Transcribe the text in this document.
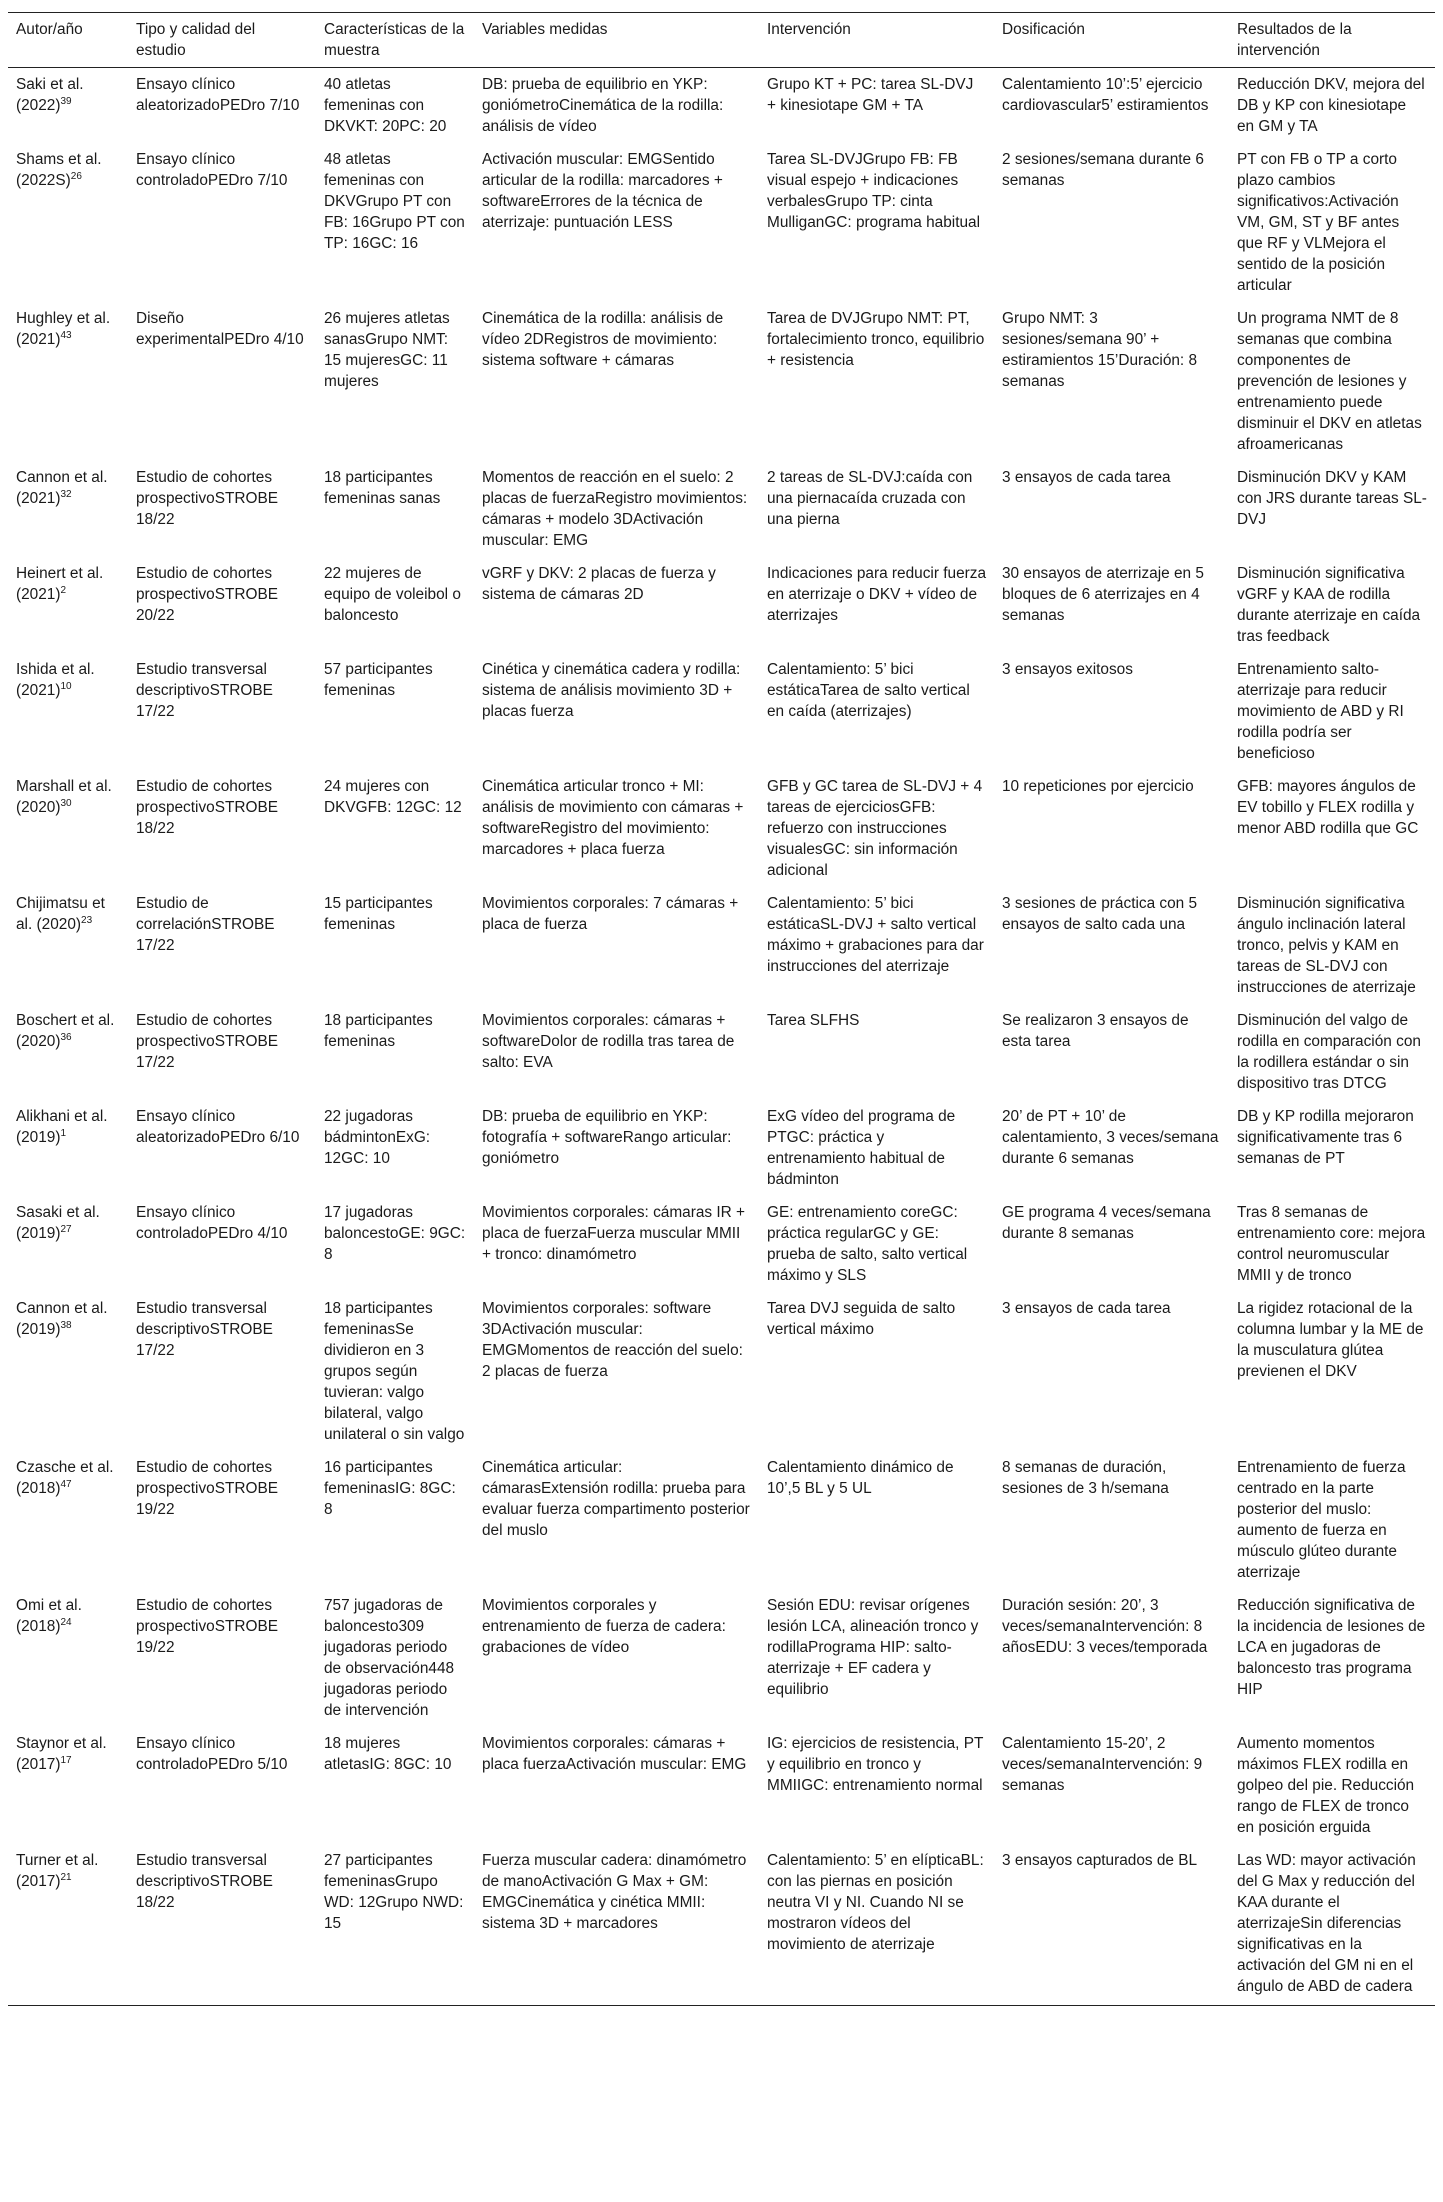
Autor/año	Tipo y calidad del estudio	Características de la muestra	Variables medidas	Intervención	Dosificación	Resultados de la intervención
Saki et al. $(2022)^{39}$	Ensayo clínico aleatorizadoPEDro 7/10	40 atletas femeninas con DKVKT: 20PC: 20	DB: prueba de equilibrio en YKP: goniómetroCinemática de la rodilla: análisis de vídeo	Grupo KT + PC: tarea SL-DVJ + kinesiotape GM + TA	Calentamiento 10’:5’ ejercicio cardiovascular5’ estiramientos	Reducción DKV, mejora del DB y KP con kinesiotape en GM y TA
Shams et al. $(2022S)^{26}$	Ensayo clínico controladoPEDro 7/10	48 atletas femeninas con DKVGrupo PT con FB: 16Grupo PT con TP: 16GC: 16	Activación muscular: EMGSentido articular de la rodilla: marcadores + softwareErrores de la técnica de aterrizaje: puntuación LESS	Tarea SL-DVJGrupo FB: FB visual espejo + indicaciones verbalesGrupo TP: cinta MulliganGC: programa habitual	2 sesiones/semana durante 6 semanas	PT con FB o TP a corto plazo cambios significativos:Activación VM, GM, ST y BF antes que RF y VLMejora el sentido de la posición articular
Hughley et al. $(2021)^{43}$	Diseño experimentalPEDro 4/10	26 mujeres atletas sanasGrupo NMT: 15 mujeresGC: 11 mujeres	Cinemática de la rodilla: análisis de vídeo 2DRegistros de movimiento: sistema software + cámaras	Tarea de DVJGrupo NMT: PT, fortalecimiento tronco, equilibrio + resistencia	Grupo NMT: 3 sesiones/semana 90’ + estiramientos 15’Duración: 8 semanas	Un programa NMT de 8 semanas que combina componentes de prevención de lesiones y entrenamiento puede disminuir el DKV en atletas afroamericanas
Cannon et al. $(2021)^{32}$	Estudio de cohortes prospectivoSTROBE 18/22	18 participantes femeninas sanas	Momentos de reacción en el suelo: 2 placas de fuerzaRegistro movimientos: cámaras + modelo 3DActivación muscular: EMG	2 tareas de SL-DVJ:caída con una piernacaída cruzada con una pierna	3 ensayos de cada tarea	Disminución DKV y KAM con JRS durante tareas SL-DVJ
Heinert et al. $(2021)^2$	Estudio de cohortes prospectivoSTROBE 20/22	22 mujeres de equipo de voleibol o baloncesto	vGRF y DKV: 2 placas de fuerza y sistema de cámaras 2D	Indicaciones para reducir fuerza en aterrizaje o DKV + vídeo de aterrizajes	30 ensayos de aterrizaje en 5 bloques de 6 aterrizajes en 4 semanas	Disminución significativa vGRF y KAA de rodilla durante aterrizaje en caída tras feedback
Ishida et al. $(2021)^{10}$	Estudio transversal descriptivoSTROBE 17/22	57 participantes femeninas	Cinética y cinemática cadera y rodilla: sistema de análisis movimiento 3D + placas fuerza	Calentamiento: 5’ bici estáticaTarea de salto vertical en caída (aterrizajes)	3 ensayos exitosos	Entrenamiento salto-aterrizaje para reducir movimiento de ABD y RI rodilla podría ser beneficioso
Marshall et al. $(2020)^{30}$	Estudio de cohortes prospectivoSTROBE 18/22	24 mujeres con DKVGFB: 12GC: 12	Cinemática articular tronco + MI: análisis de movimiento con cámaras + softwareRegistro del movimiento: marcadores + placa fuerza	GFB y GC tarea de SL-DVJ + 4 tareas de ejerciciosGFB: refuerzo con instrucciones visualesGC: sin información adicional	10 repeticiones por ejercicio	GFB: mayores ángulos de EV tobillo y FLEX rodilla y menor ABD rodilla que GC
Chijimatsu et al. $(2020)^{23}$	Estudio de correlaciónSTROBE 17/22	15 participantes femeninas	Movimientos corporales: 7 cámaras + placa de fuerza	Calentamiento: 5’ bici estáticaSL-DVJ + salto vertical máximo + grabaciones para dar instrucciones del aterrizaje	3 sesiones de práctica con 5 ensayos de salto cada una	Disminución significativa ángulo inclinación lateral tronco, pelvis y KAM en tareas de SL-DVJ con instrucciones de aterrizaje
Boschert et al. $(2020)^{36}$	Estudio de cohortes prospectivoSTROBE 17/22	18 participantes femeninas	Movimientos corporales: cámaras + softwareDolor de rodilla tras tarea de salto: EVA	Tarea SLFHS	Se realizaron 3 ensayos de esta tarea	Disminución del valgo de rodilla en comparación con la rodillera estándar o sin dispositivo tras DTCG
Alikhani et al. $(2019)^1$	Ensayo clínico aleatorizadoPEDro 6/10	22 jugadoras bádmintonExG: 12GC: 10	DB: prueba de equilibrio en YKP: fotografía + softwareRango articular: goniómetro	ExG vídeo del programa de PTGC: práctica y entrenamiento habitual de bádminton	20’ de PT + 10’ de calentamiento, 3 veces/semana durante 6 semanas	DB y KP rodilla mejoraron significativamente tras 6 semanas de PT
Sasaki et al. $(2019)^{27}$	Ensayo clínico controladoPEDro 4/10	17 jugadoras baloncestoGE: 9GC: 8	Movimientos corporales: cámaras IR + placa de fuerzaFuerza muscular MMII + tronco: dinamómetro	GE: entrenamiento coreGC: práctica regularGC y GE: prueba de salto, salto vertical máximo y SLS	GE programa 4 veces/semana durante 8 semanas	Tras 8 semanas de entrenamiento core: mejora control neuromuscular MMII y de tronco
Cannon et al. $(2019)^{38}$	Estudio transversal descriptivoSTROBE 17/22	18 participantes femeninasSe dividieron en 3 grupos según tuvieran: valgo bilateral, valgo unilateral o sin valgo	Movimientos corporales: software 3DActivación muscular: EMGMomentos de reacción del suelo: 2 placas de fuerza	Tarea DVJ seguida de salto vertical máximo	3 ensayos de cada tarea	La rigidez rotacional de la columna lumbar y la ME de la musculatura glútea previenen el DKV
Czasche et al. $(2018)^{47}$	Estudio de cohortes prospectivoSTROBE 19/22	16 participantes femeninasIG: 8GC: 8	Cinemática articular: cámarasExtensión rodilla: prueba para evaluar fuerza compartimento posterior del muslo	Calentamiento dinámico de 10’,5 BL y 5 UL	8 semanas de duración, sesiones de 3 h/semana	Entrenamiento de fuerza centrado en la parte posterior del muslo: aumento de fuerza en músculo glúteo durante aterrizaje
Omi et al. $(2018)^{24}$	Estudio de cohortes prospectivoSTROBE 19/22	757 jugadoras de baloncesto309 jugadoras periodo de observación448 jugadoras periodo de intervención	Movimientos corporales y entrenamiento de fuerza de cadera: grabaciones de vídeo	Sesión EDU: revisar orígenes lesión LCA, alineación tronco y rodillaPrograma HIP: salto-aterrizaje + EF cadera y equilibrio	Duración sesión: 20’, 3 veces/semanaIntervención: 8 añosEDU: 3 veces/temporada	Reducción significativa de la incidencia de lesiones de LCA en jugadoras de baloncesto tras programa HIP
Staynor et al. $(2017)^{17}$	Ensayo clínico controladoPEDro 5/10	18 mujeres atletasIG: 8GC: 10	Movimientos corporales: cámaras + placa fuerzaActivación muscular: EMG	IG: ejercicios de resistencia, PT y equilibrio en tronco y MMIIGC: entrenamiento normal	Calentamiento 15-20’, 2 veces/semanaIntervención: 9 semanas	Aumento momentos máximos FLEX rodilla en golpeo del pie. Reducción rango de FLEX de tronco en posición erguida
Turner et al. $(2017)^{21}$	Estudio transversal descriptivoSTROBE 18/22	27 participantes femeninasGrupo WD: 12Grupo NWD: 15	Fuerza muscular cadera: dinamómetro de manoActivación G Max + GM: EMGCinemática y cinética MMII: sistema 3D + marcadores	Calentamiento: 5’ en elípticaBL: con las piernas en posición neutra VI y NI. Cuando NI se mostraron vídeos del movimiento de aterrizaje	3 ensayos capturados de BL	Las WD: mayor activación del G Max y reducción del KAA durante el aterrizajeSin diferencias significativas en la activación del GM ni en el ángulo de ABD de cadera
